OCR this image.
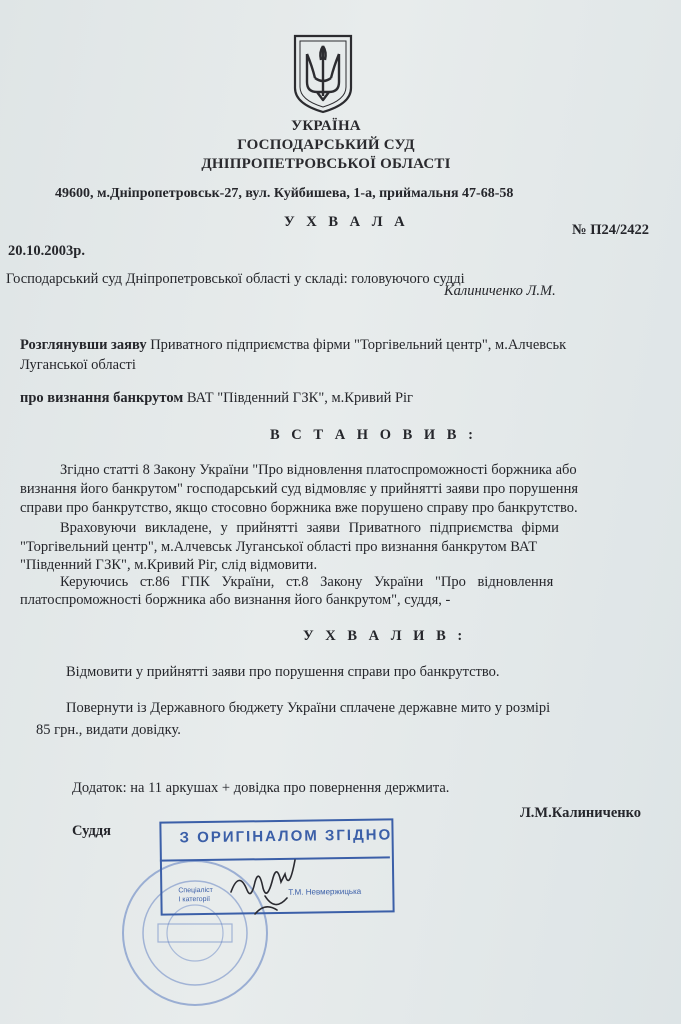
УКРАЇНА
ГОСПОДАРСЬКИЙ СУД
ДНІПРОПЕТРОВСЬКОЇ ОБЛАСТІ
49600, м.Дніпропетровськ-27, вул. Куйбишева, 1-а, приймальня 47-68-58
У Х В А Л А	№ П24/2422
20.10.2003р.
Господарський суд Дніпропетровської області у складі: головуючого судді
Калиниченко Л.М.
Розглянувши заяву Приватного підприємства фірми "Торгівельний центр", м.Алчевськ
Луганської області
про визнання банкрутом ВАТ "Південний ГЗК", м.Кривий Ріг
В С Т А Н О В И В :
Згідно статті 8 Закону України "Про відновлення платоспроможності боржника або
визнання його банкрутом" господарський суд відмовляє у прийнятті заяви про порушення
справи про банкрутство, якщо стосовно боржника вже порушено справу про банкрутство.
Враховуючи викладене, у прийнятті заяви Приватного підприємства фірми
"Торгівельний центр", м.Алчевськ Луганської області про визнання банкрутом ВАТ
"Південний ГЗК", м.Кривий Ріг, слід відмовити.
Керуючись ст.86 ГПК України, ст.8 Закону України "Про відновлення
платоспроможності боржника або визнання його банкрутом", суддя, -
У Х В А Л И В :
Відмовити у прийнятті заяви про порушення справи про банкрутство.
Повернути із Державного бюджету України сплачене державне мито у розмірі
85 грн., видати довідку.
Додаток: на 11 аркушах + довідка про повернення держмита.
Л.М.Калиниченко
Суддя	З ОРИГІНАЛОМ ЗГІДНО
Спеціаліст
І категорії
Т.М. Невмержицька
